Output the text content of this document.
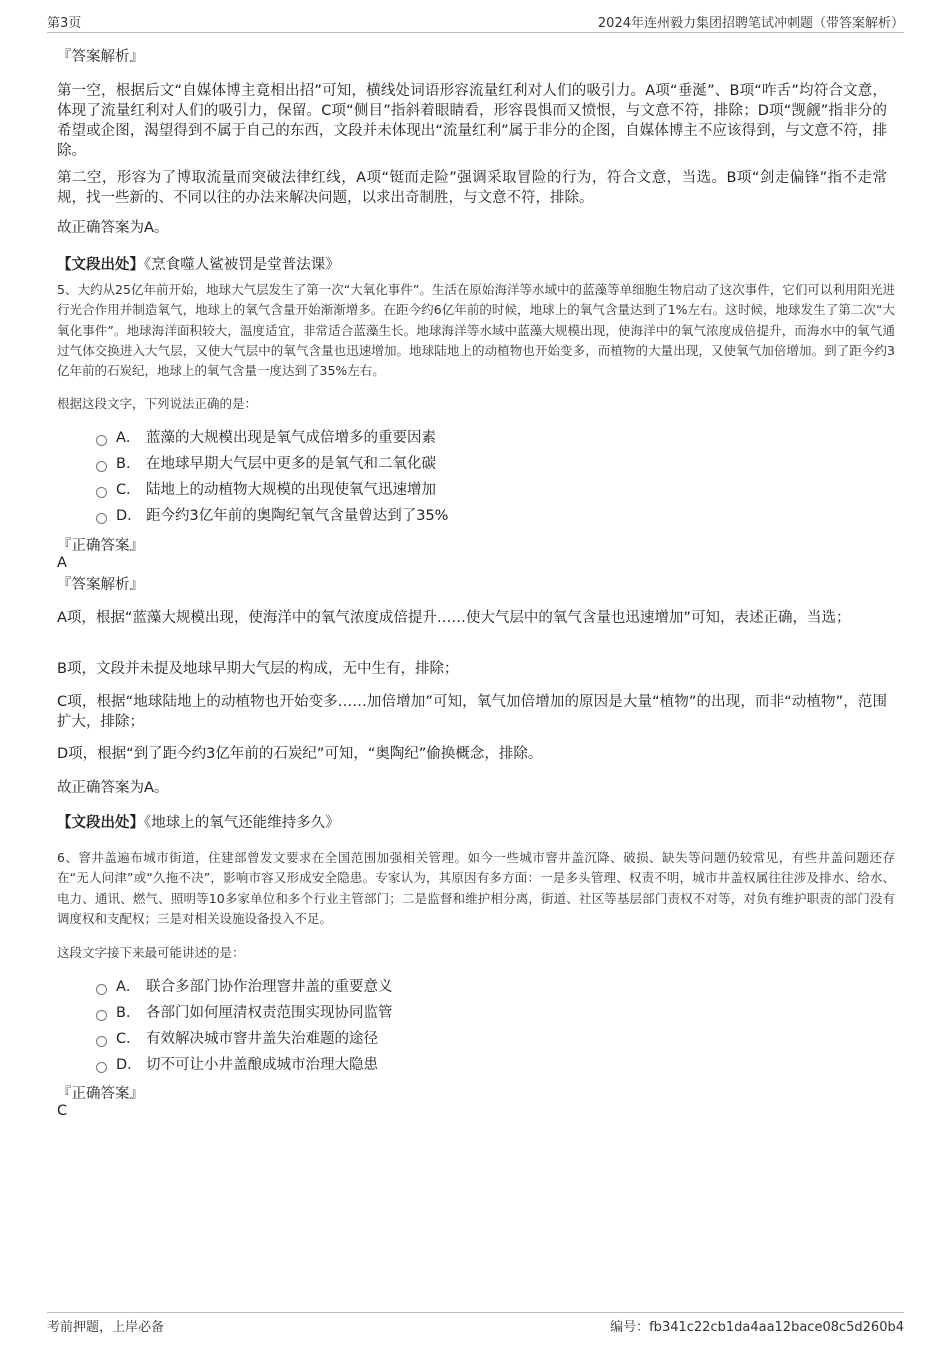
第3页	2024年连州毅力集团招聘笔试冲刺题（带答案解析）
『答案解析』
第一空，根据后文“自媒体博主竟相出招”可知，横线处词语形容流量红利对人们的吸引力。A项“垂涎”、B项“咋舌”均符合文意，体现了流量红利对人们的吸引力，保留。C项“侧目”指斜着眼睛看，形容畏惧而又愤恨，与文意不符，排除；D项“觊觎”指非分的希望或企图，渴望得到不属于自己的东西，文段并未体现出“流量红利”属于非分的企图，自媒体博主不应该得到，与文意不符，排除。
第二空，形容为了博取流量而突破法律红线，A项“铤而走险”强调采取冒险的行为，符合文意，当选。B项“剑走偏锋”指不走常规，找一些新的、不同以往的办法来解决问题，以求出奇制胜，与文意不符，排除。
故正确答案为A。
【文段出处】《烹食噬人鲨被罚是堂普法课》
5、大约从25亿年前开始，地球大气层发生了第一次“大氧化事件”。生活在原始海洋等水域中的蓝藻等单细胞生物启动了这次事件，它们可以利用阳光进行光合作用并制造氧气，地球上的氧气含量开始渐渐增多。在距今约6亿年前的时候，地球上的氧气含量达到了1%左右。这时候，地球发生了第二次“大氧化事件”。地球海洋面积较大，温度适宜，非常适合蓝藻生长。地球海洋等水域中蓝藻大规模出现，使海洋中的氧气浓度成倍提升，而海水中的氧气通过气体交换进入大气层，又使大气层中的氧气含量也迅速增加。地球陆地上的动植物也开始变多，而植物的大量出现，又使氧气加倍增加。到了距今约3亿年前的石炭纪，地球上的氧气含量一度达到了35%左右。
根据这段文字，下列说法正确的是：
A． 蓝藻的大规模出现是氧气成倍增多的重要因素
B． 在地球早期大气层中更多的是氧气和二氧化碳
C． 陆地上的动植物大规模的出现使氧气迅速增加
D． 距今约3亿年前的奥陶纪氧气含量曾达到了35%
『正确答案』
A
『答案解析』
A项，根据“蓝藻大规模出现，使海洋中的氧气浓度成倍提升……使大气层中的氧气含量也迅速增加”可知，表述正确，当选；
B项，文段并未提及地球早期大气层的构成，无中生有，排除；
C项，根据“地球陆地上的动植物也开始变多……加倍增加”可知，氧气加倍增加的原因是大量“植物”的出现，而非“动植物”，范围扩大，排除；
D项，根据“到了距今约3亿年前的石炭纪”可知，“奥陶纪”偷换概念，排除。
故正确答案为A。
【文段出处】《地球上的氧气还能维持多久》
6、窨井盖遍布城市街道，住建部曾发文要求在全国范围加强相关管理。如今一些城市窨井盖沉降、破损、缺失等问题仍较常见，有些井盖问题还存在“无人问津”或“久拖不决”，影响市容又形成安全隐患。专家认为，其原因有多方面：一是多头管理、权责不明，城市井盖权属往往涉及排水、给水、电力、通讯、燃气、照明等10多家单位和多个行业主管部门；二是监督和维护相分离，街道、社区等基层部门责权不对等，对负有维护职责的部门没有调度权和支配权；三是对相关设施设备投入不足。
这段文字接下来最可能讲述的是：
A． 联合多部门协作治理窨井盖的重要意义
B． 各部门如何厘清权责范围实现协同监管
C． 有效解决城市窨井盖失治难题的途径
D． 切不可让小井盖酿成城市治理大隐患
『正确答案』
C
考前押题，上岸必备	编号：fb341c22cb1da4aa12bace08c5d260b4
